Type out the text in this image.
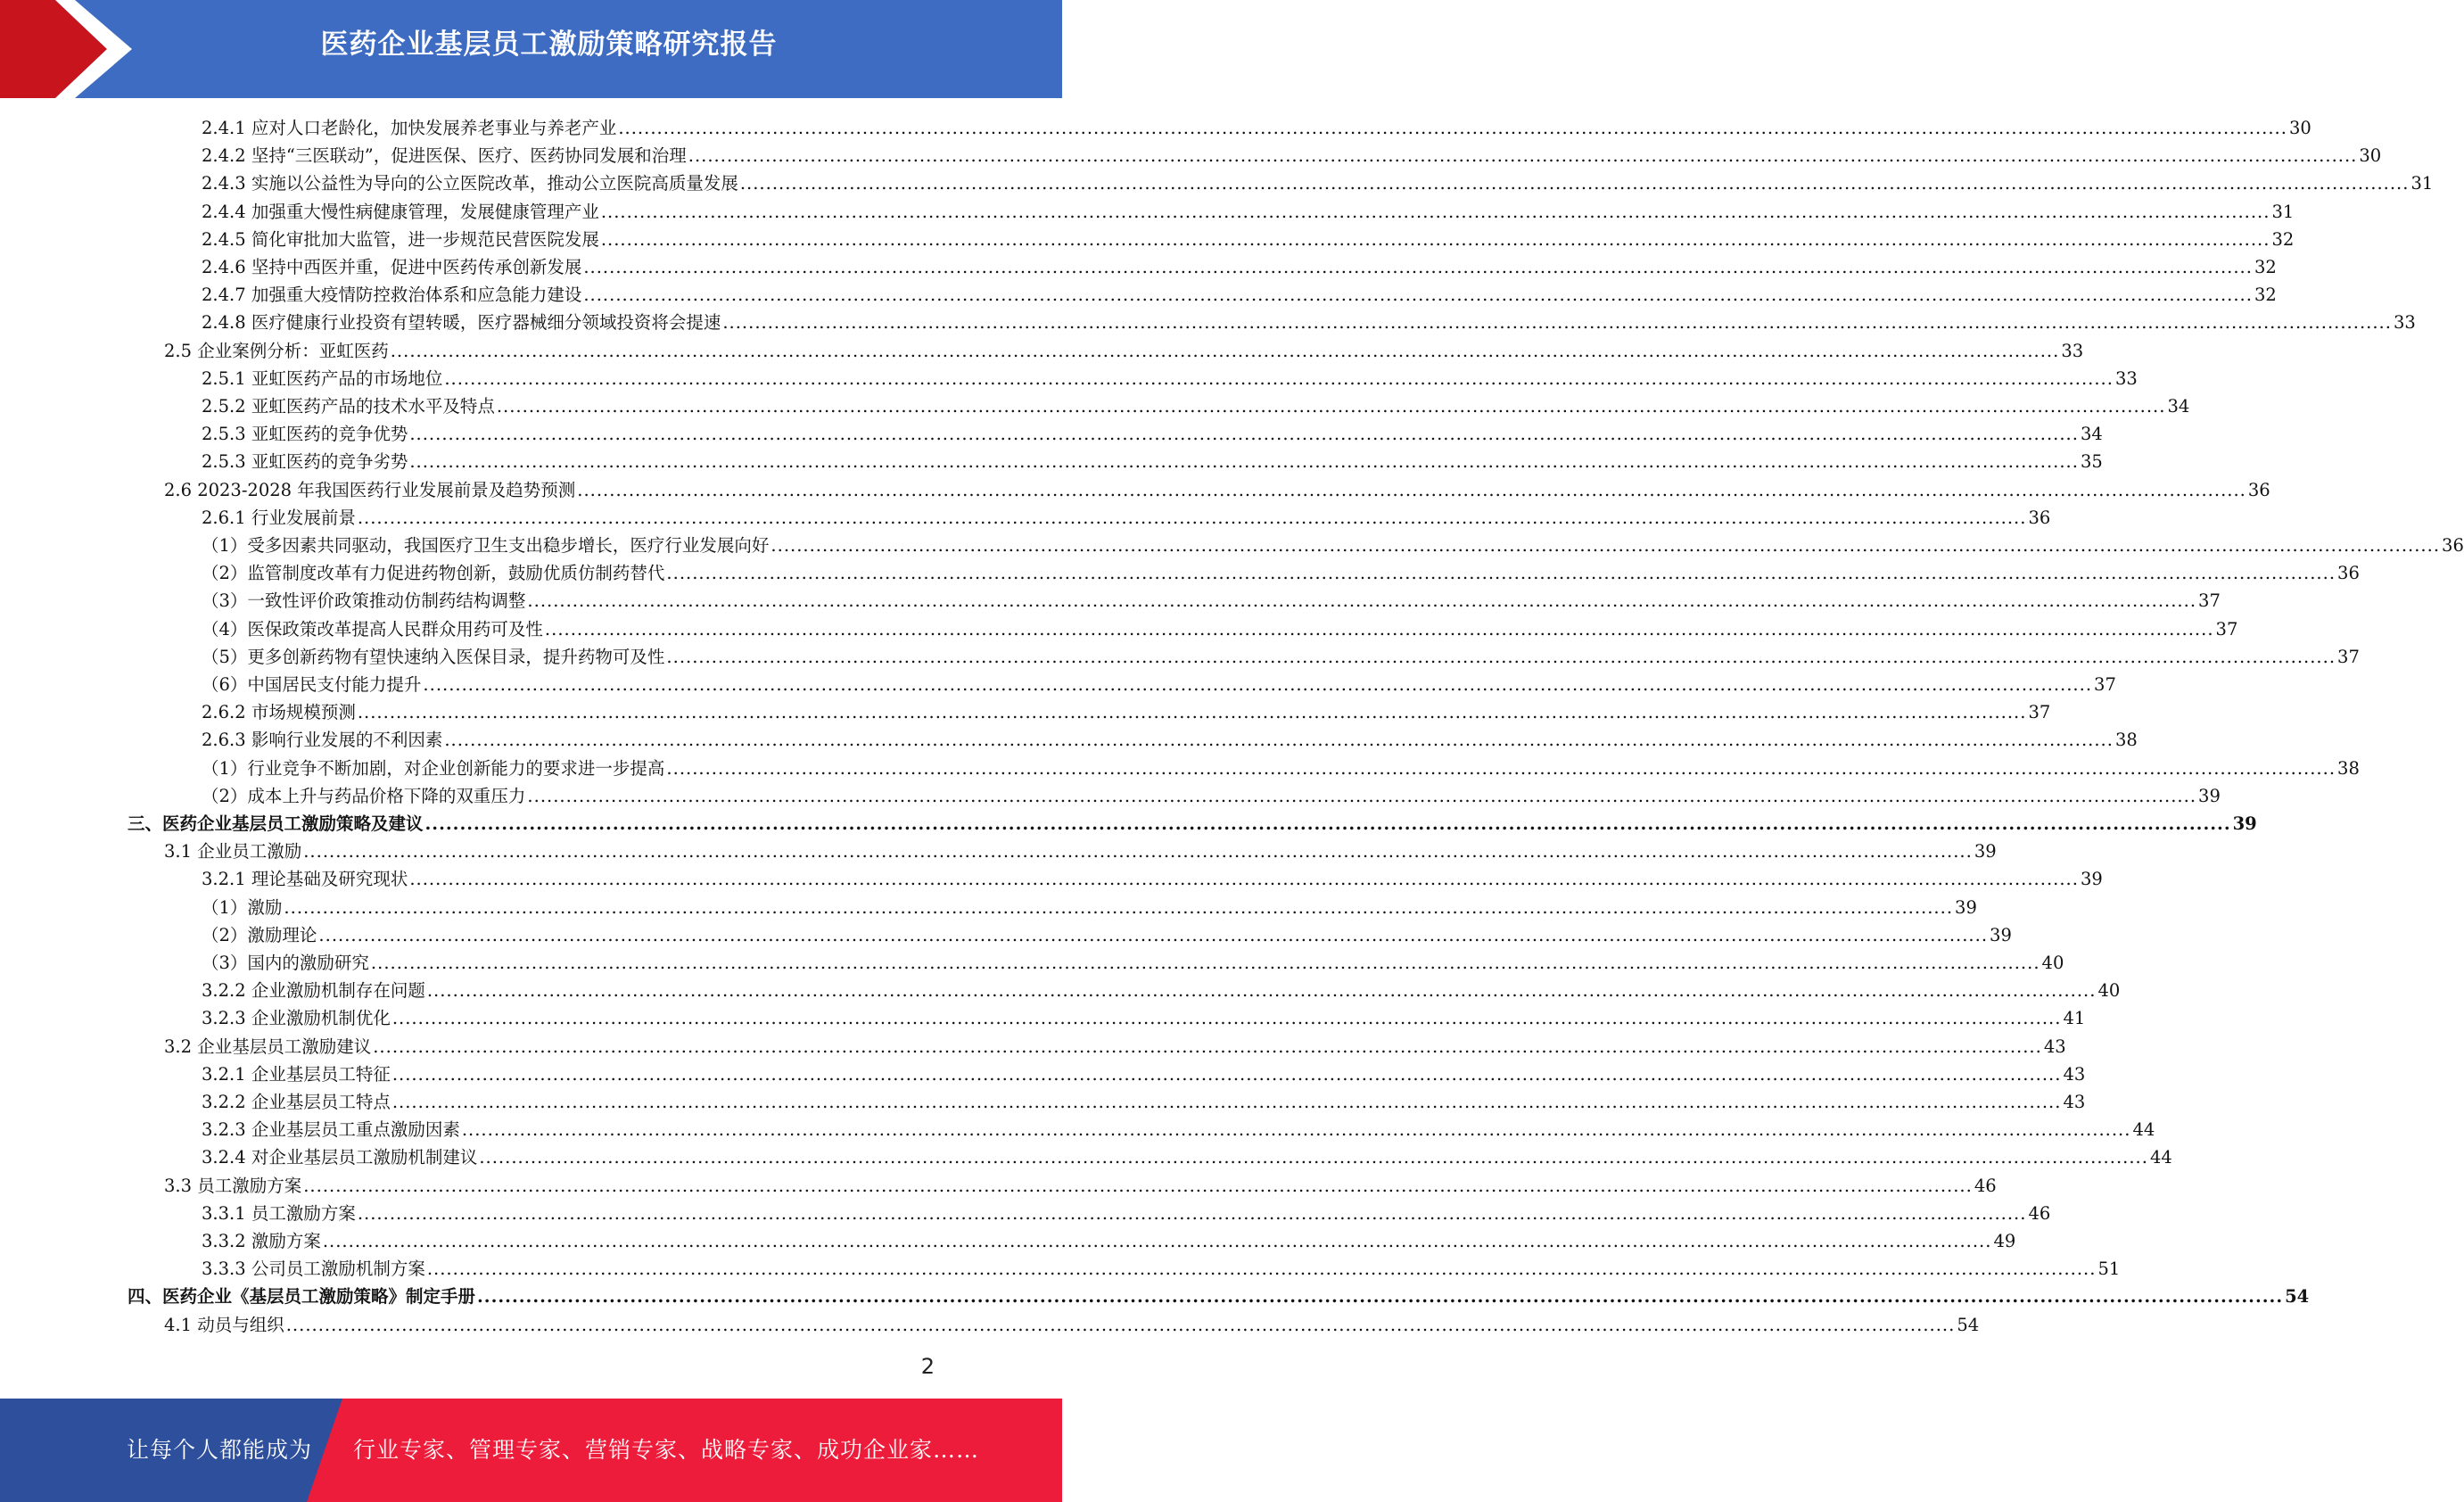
医药企业基层员工激励策略研究报告
2.4.1 应对人口老龄化，加快发展养老事业与养老产业 .................................................................................................................................................................................................................................................................... 30
2.4.2 坚持“三医联动”，促进医保、医疗、医药协同发展和治理 .................................................................................................................................................................................................................................................................... 30
2.4.3 实施以公益性为导向的公立医院改革，推动公立医院高质量发展 .................................................................................................................................................................................................................................................................... 31
2.4.4 加强重大慢性病健康管理，发展健康管理产业 .................................................................................................................................................................................................................................................................... 31
2.4.5 简化审批加大监管，进一步规范民营医院发展 .................................................................................................................................................................................................................................................................... 32
2.4.6 坚持中西医并重，促进中医药传承创新发展 .................................................................................................................................................................................................................................................................... 32
2.4.7 加强重大疫情防控救治体系和应急能力建设 .................................................................................................................................................................................................................................................................... 32
2.4.8 医疗健康行业投资有望转暖，医疗器械细分领域投资将会提速 .................................................................................................................................................................................................................................................................... 33
2.5 企业案例分析：亚虹医药 .................................................................................................................................................................................................................................................................... 33
2.5.1 亚虹医药产品的市场地位 .................................................................................................................................................................................................................................................................... 33
2.5.2 亚虹医药产品的技术水平及特点 .................................................................................................................................................................................................................................................................... 34
2.5.3 亚虹医药的竞争优势 .................................................................................................................................................................................................................................................................... 34
2.5.3 亚虹医药的竞争劣势 .................................................................................................................................................................................................................................................................... 35
2.6 2023-2028 年我国医药行业发展前景及趋势预测 .................................................................................................................................................................................................................................................................... 36
2.6.1 行业发展前景 .................................................................................................................................................................................................................................................................... 36
（1）受多因素共同驱动，我国医疗卫生支出稳步增长，医疗行业发展向好 .................................................................................................................................................................................................................................................................... 36
（2）监管制度改革有力促进药物创新，鼓励优质仿制药替代 .................................................................................................................................................................................................................................................................... 36
（3）一致性评价政策推动仿制药结构调整 .................................................................................................................................................................................................................................................................... 37
（4）医保政策改革提高人民群众用药可及性 .................................................................................................................................................................................................................................................................... 37
（5）更多创新药物有望快速纳入医保目录，提升药物可及性 .................................................................................................................................................................................................................................................................... 37
（6）中国居民支付能力提升 .................................................................................................................................................................................................................................................................... 37
2.6.2 市场规模预测 .................................................................................................................................................................................................................................................................... 37
2.6.3 影响行业发展的不利因素 .................................................................................................................................................................................................................................................................... 38
（1）行业竞争不断加剧，对企业创新能力的要求进一步提高 .................................................................................................................................................................................................................................................................... 38
（2）成本上升与药品价格下降的双重压力 .................................................................................................................................................................................................................................................................... 39
三、医药企业基层员工激励策略及建议 .................................................................................................................................................................................................................................................................... 39
3.1 企业员工激励 .................................................................................................................................................................................................................................................................... 39
3.2.1 理论基础及研究现状 .................................................................................................................................................................................................................................................................... 39
（1）激励 .................................................................................................................................................................................................................................................................... 39
（2）激励理论 .................................................................................................................................................................................................................................................................... 39
（3）国内的激励研究 .................................................................................................................................................................................................................................................................... 40
3.2.2 企业激励机制存在问题 .................................................................................................................................................................................................................................................................... 40
3.2.3 企业激励机制优化 .................................................................................................................................................................................................................................................................... 41
3.2 企业基层员工激励建议 .................................................................................................................................................................................................................................................................... 43
3.2.1 企业基层员工特征 .................................................................................................................................................................................................................................................................... 43
3.2.2 企业基层员工特点 .................................................................................................................................................................................................................................................................... 43
3.2.3 企业基层员工重点激励因素 .................................................................................................................................................................................................................................................................... 44
3.2.4 对企业基层员工激励机制建议 .................................................................................................................................................................................................................................................................... 44
3.3 员工激励方案 .................................................................................................................................................................................................................................................................... 46
3.3.1 员工激励方案 .................................................................................................................................................................................................................................................................... 46
3.3.2 激励方案 .................................................................................................................................................................................................................................................................... 49
3.3.3 公司员工激励机制方案 .................................................................................................................................................................................................................................................................... 51
四、医药企业《基层员工激励策略》制定手册 .................................................................................................................................................................................................................................................................... 54
4.1 动员与组织 .................................................................................................................................................................................................................................................................... 54
2
让每个人都能成为 行业专家、管理专家、营销专家、战略专家、成功企业家……
